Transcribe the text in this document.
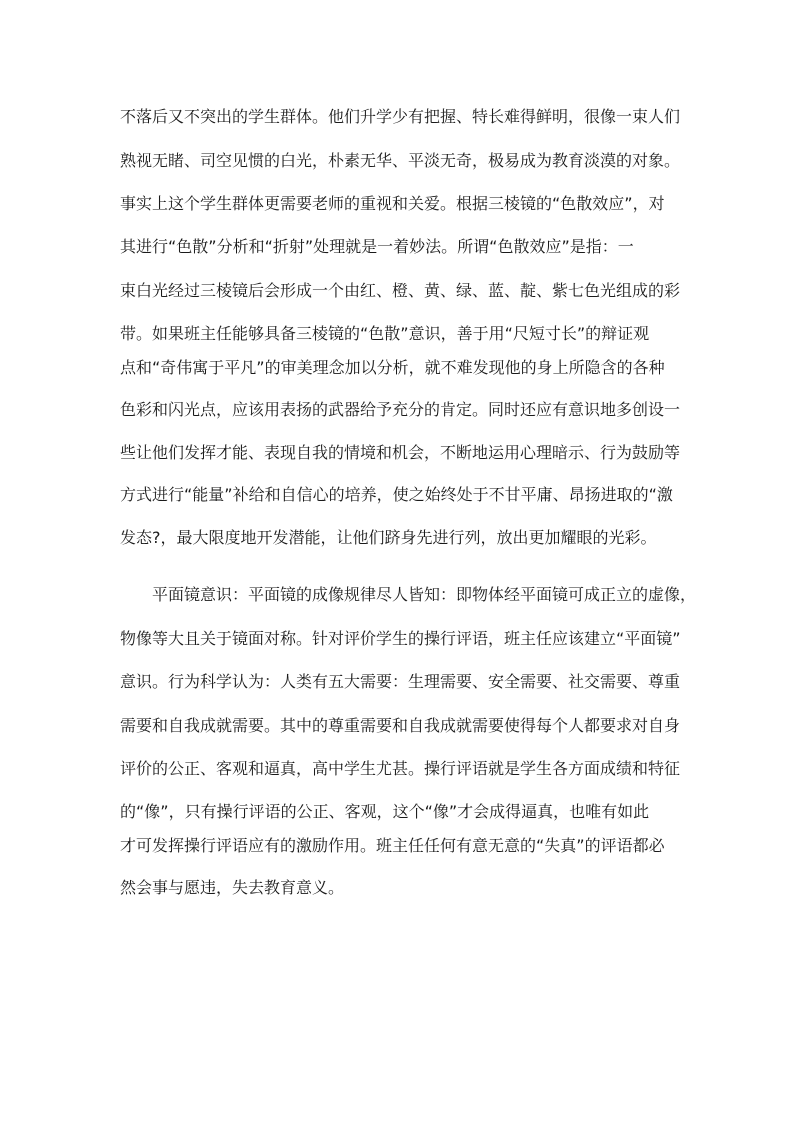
不落后又不突出的学生群体。他们升学少有把握、特长难得鲜明，很像一束人们
熟视无睹、司空见惯的白光，朴素无华、平淡无奇，极易成为教育淡漠的对象。
事实上这个学生群体更需要老师的重视和关爱。根据三棱镜的“色散效应”，对
其进行“色散”分析和“折射”处理就是一着妙法。所谓“色散效应”是指：一
束白光经过三棱镜后会形成一个由红、橙、黄、绿、蓝、靛、紫七色光组成的彩
带。如果班主任能够具备三棱镜的“色散”意识，善于用“尺短寸长”的辩证观
点和“奇伟寓于平凡”的审美理念加以分析，就不难发现他的身上所隐含的各种
色彩和闪光点，应该用表扬的武器给予充分的肯定。同时还应有意识地多创设一
些让他们发挥才能、表现自我的情境和机会，不断地运用心理暗示、行为鼓励等
方式进行“能量”补给和自信心的培养，使之始终处于不甘平庸、昂扬进取的“激
发态?，最大限度地开发潜能，让他们跻身先进行列，放出更加耀眼的光彩。
平面镜意识：平面镜的成像规律尽人皆知：即物体经平面镜可成正立的虚像，
物像等大且关于镜面对称。针对评价学生的操行评语，班主任应该建立“平面镜”
意识。行为科学认为：人类有五大需要：生理需要、安全需要、社交需要、尊重
需要和自我成就需要。其中的尊重需要和自我成就需要使得每个人都要求对自身
评价的公正、客观和逼真，高中学生尤甚。操行评语就是学生各方面成绩和特征
的“像”，只有操行评语的公正、客观，这个“像”才会成得逼真，也唯有如此
才可发挥操行评语应有的激励作用。班主任任何有意无意的“失真”的评语都必
然会事与愿违，失去教育意义。
